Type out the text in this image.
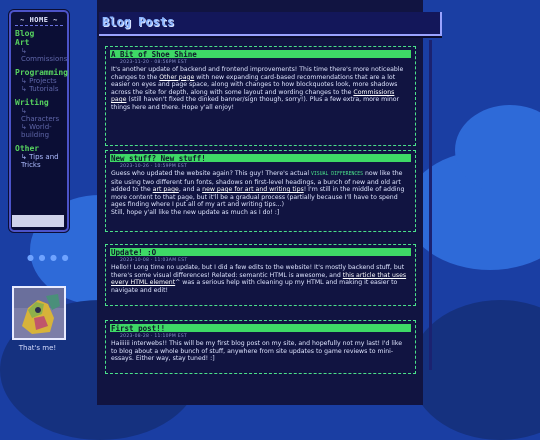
~ HOME ~
Blog
Art
↳ Commissions
Programming
↳ Projects
↳ Tutorials
Writing
↳ Characters
↳ World-building
Other
↳ Tips and Tricks
● ● ● ●
That's me!
Blog Posts
A Bit of Shoe Shine
2023-11-20 · 08:56PM EST
It's another update of backend and frontend improvements! This time there's more noticeable changes to the Other page with new expanding card-based recommendations that are a lot easier on eyes and page space, along with changes to how blockquotes look, more shadows across the site for depth, along with some layout and wording changes to the Commissions page (still haven't fixed the dinked banner/sign though, sorry!). Plus a few extra, more minor things here and there. Hope y'all enjoy!
New stuff? New stuff!
2023-10-26 · 10:59PM EST
Guess who updated the website again? This guy! There's actual VISUAL DIFFERENCES now like the site using two different fun fonts, shadows on first-level headings, a bunch of new and old art added to the art page, and a new page for art and writing tips! I'm still in the middle of adding more content to that page, but it'll be a gradual process (partially because I'll have to spend ages finding where I put all of my art and writing tips...)
Still, hope y'all like the new update as much as I do! :]
Update! :O
2023-10-08 · 11:03AM EST
Hello!! Long time no update, but I did a few edits to the website! It's mostly backend stuff, but there's some visual differences! Related: semantic HTML is awesome, and this article that uses every HTML element^ was a serious help with cleaning up my HTML and making it easier to navigate and edit!
First post!!
2023-08-28 · 11:10PM EST
Haiiiiii interwebs!! This will be my first blog post on my site, and hopefully not my last! I'd like to blog about a whole bunch of stuff, anywhere from site updates to game reviews to mini-essays. Either way, stay tuned! :]
